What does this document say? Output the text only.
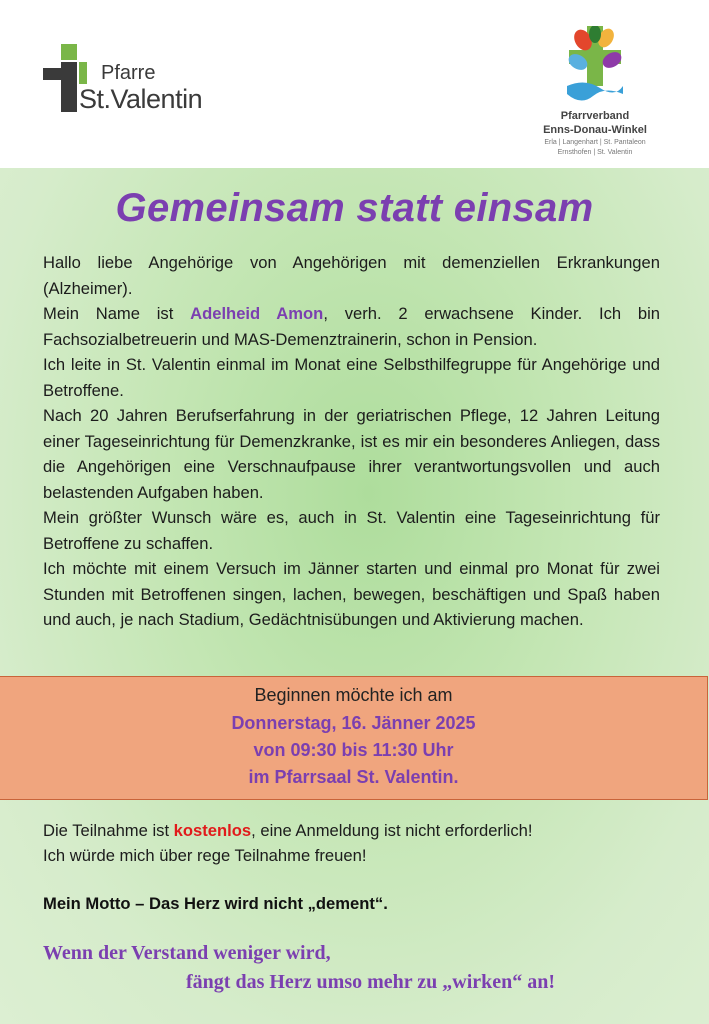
Pfarre
St.Valentin
Pfarrverband
Enns-Donau-Winkel
Erla | Langenhart | St. Pantaleon
Ernsthofen | St. Valentin
Gemeinsam statt einsam

Hallo liebe Angehörige von Angehörigen mit demenziellen Erkrankungen (Alzheimer).

Mein Name ist Adelheid Amon, verh. 2 erwachsene Kinder. Ich bin Fachsozialbetreuerin und MAS-Demenztrainerin, schon in Pension.

Ich leite in St. Valentin einmal im Monat eine Selbsthilfegruppe für Angehörige und Betroffene.

Nach 20 Jahren Berufserfahrung in der geriatrischen Pflege, 12 Jahren Leitung einer Tageseinrichtung für Demenzkranke, ist es mir ein besonderes Anliegen, dass die Angehörigen eine Verschnaufpause ihrer verantwortungsvollen und auch belastenden Aufgaben haben.

Mein größter Wunsch wäre es, auch in St. Valentin eine Tageseinrichtung für Betroffene zu schaffen.

Ich möchte mit einem Versuch im Jänner starten und einmal pro Monat für zwei Stunden mit Betroffenen singen, lachen, bewegen, beschäftigen und Spaß haben und auch, je nach Stadium, Gedächtnisübungen und Aktivierung machen.

Beginnen möchte ich am
Donnerstag, 16. Jänner 2025
von 09:30 bis 11:30 Uhr
im Pfarrsaal St. Valentin.

Die Teilnahme ist kostenlos, eine Anmeldung ist nicht erforderlich!

Ich würde mich über rege Teilnahme freuen!

Mein Motto – Das Herz wird nicht „dement“.
Wenn der Verstand weniger wird,
fängt das Herz umso mehr zu „wirken“ an!
